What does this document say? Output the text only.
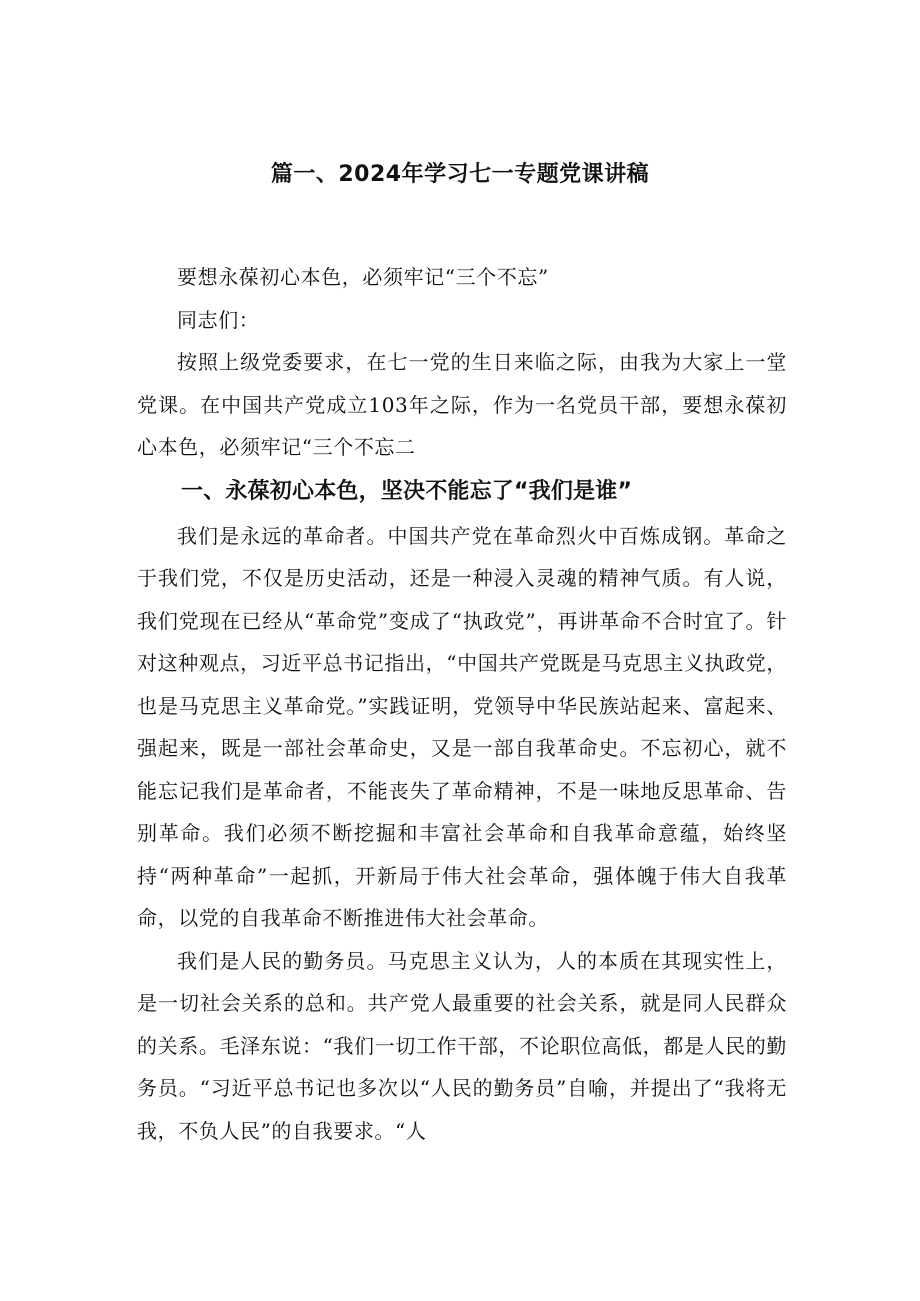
篇一、2024年学习七一专题党课讲稿

要想永葆初心本色，必须牢记“三个不忘”

同志们：

按照上级党委要求，在七一党的生日来临之际，由我为大家上一堂党课。在中国共产党成立103年之际，作为一名党员干部，要想永葆初心本色，必须牢记“三个不忘二

一、永葆初心本色，坚决不能忘了“我们是谁”

我们是永远的革命者。中国共产党在革命烈火中百炼成钢。革命之于我们党，不仅是历史活动，还是一种浸入灵魂的精神气质。有人说，我们党现在已经从“革命党”变成了“执政党”，再讲革命不合时宜了。针对这种观点，习近平总书记指出，“中国共产党既是马克思主义执政党，也是马克思主义革命党。”实践证明，党领导中华民族站起来、富起来、强起来，既是一部社会革命史，又是一部自我革命史。不忘初心，就不能忘记我们是革命者，不能丧失了革命精神，不是一味地反思革命、告别革命。我们必须不断挖掘和丰富社会革命和自我革命意蕴，始终坚持“两种革命”一起抓，开新局于伟大社会革命，强体魄于伟大自我革命，以党的自我革命不断推进伟大社会革命。

我们是人民的勤务员。马克思主义认为，人的本质在其现实性上，是一切社会关系的总和。共产党人最重要的社会关系，就是同人民群众的关系。毛泽东说：“我们一切工作干部，不论职位高低，都是人民的勤务员。“习近平总书记也多次以“人民的勤务员”自喻，并提出了“我将无我，不负人民”的自我要求。“人
